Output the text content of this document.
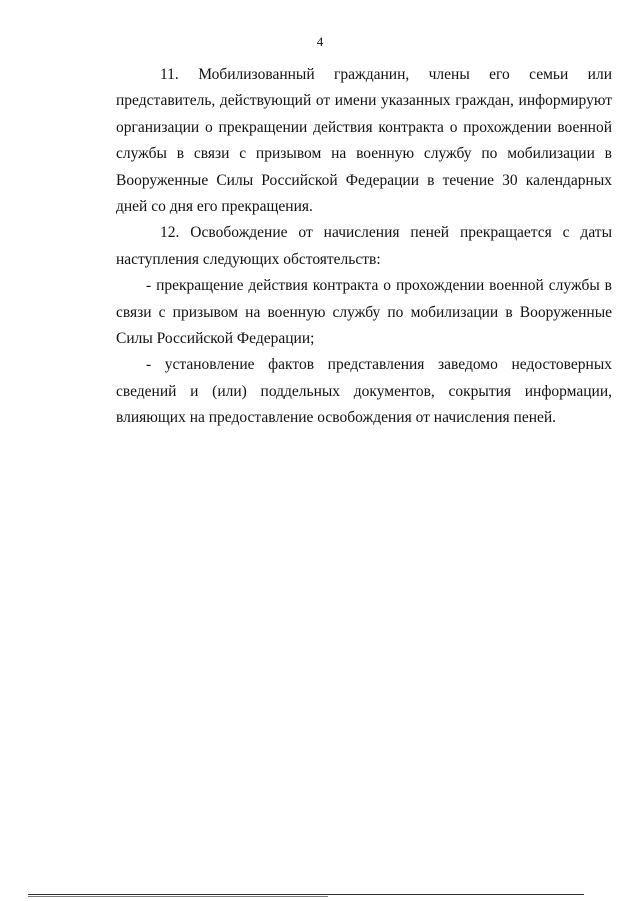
4

11. Мобилизованный гражданин, члены его семьи или представитель, действующий от имени указанных граждан, информируют организации о прекращении действия контракта о прохождении военной службы в связи с призывом на военную службу по мобилизации в Вооруженные Силы Российской Федерации в течение 30 календарных дней со дня его прекращения.

12. Освобождение от начисления пеней прекращается с даты наступления следующих обстоятельств:

- прекращение действия контракта о прохождении военной службы в связи с призывом на военную службу по мобилизации в Вооруженные Силы Российской Федерации;

- установление фактов представления заведомо недостоверных сведений и (или) поддельных документов, сокрытия информации, влияющих на предоставление освобождения от начисления пеней.
